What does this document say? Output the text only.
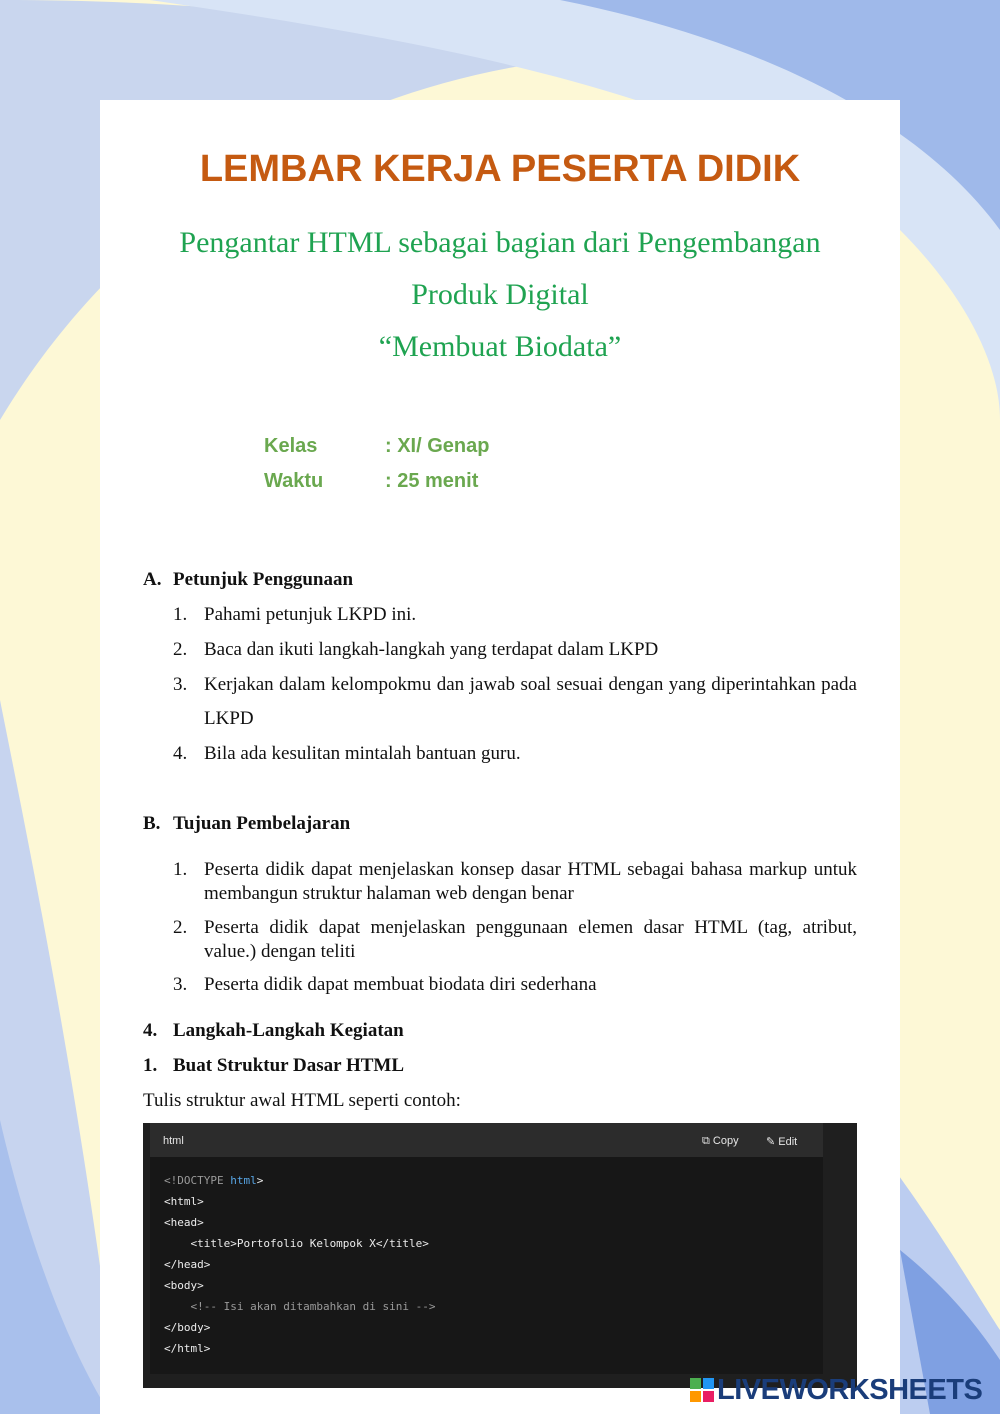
LEMBAR KERJA PESERTA DIDIK
Pengantar HTML sebagai bagian dari Pengembangan
Produk Digital
“Membuat Biodata”
Kelas	: XI/ Genap
Waktu	: 25 menit
A. Petunjuk Penggunaan
1. Pahami petunjuk LKPD ini.
2. Baca dan ikuti langkah-langkah yang terdapat dalam LKPD
3. Kerjakan dalam kelompokmu dan jawab soal sesuai dengan yang diperintahkan pada LKPD
4. Bila ada kesulitan mintalah bantuan guru.
B. Tujuan Pembelajaran
1. Peserta didik dapat menjelaskan konsep dasar HTML sebagai bahasa markup untuk membangun struktur halaman web dengan benar
2. Peserta didik dapat menjelaskan penggunaan elemen dasar HTML (tag, atribut, value.) dengan teliti
3. Peserta didik dapat membuat biodata diri sederhana
4. Langkah-Langkah Kegiatan
1. Buat Struktur Dasar HTML
Tulis struktur awal HTML seperti contoh:
html	⧉ Copy ✎ Edit
<!DOCTYPE html>
<html>
<head>
<title>Portofolio Kelompok X</title>
</head>
<body>
<!-- Isi akan ditambahkan di sini -->
</body>
</html>
LIVEWORKSHEETS
